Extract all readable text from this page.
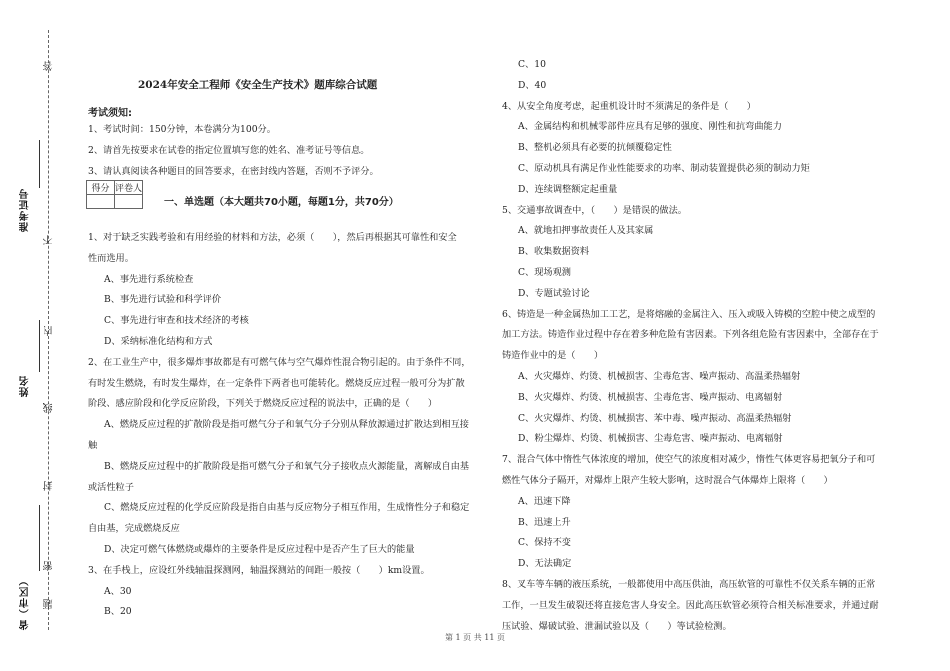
答
准考证号
不
内
姓名
线
封
省（市区）
密
题
2024年安全工程师《安全生产技术》题库综合试题
考试须知:

1、考试时间：150分钟，本卷满分为100分。

2、请首先按要求在试卷的指定位置填写您的姓名、准考证号等信息。

3、请认真阅读各种题目的回答要求，在密封线内答题，否则不予评分。

得分	评卷人

一、单选题（本大题共70小题，每题1分，共70分）

1、对于缺乏实践考验和有用经验的材料和方法，必须（　　），然后再根据其可靠性和安全

性而选用。

A、事先进行系统检查

B、事先进行试验和科学评价

C、事先进行审查和技术经济的考核

D、采纳标准化结构和方式

2、在工业生产中，很多爆炸事故都是有可燃气体与空气爆炸性混合物引起的。由于条件不同，

有时发生燃烧，有时发生爆炸，在一定条件下两者也可能转化。燃烧反应过程一般可分为扩散

阶段、感应阶段和化学反应阶段，下列关于燃烧反应过程的说法中，正确的是（　　）

A、燃烧反应过程的扩散阶段是指可燃气分子和氧气分子分别从释放源通过扩散达到相互接

触

B、燃烧反应过程中的扩散阶段是指可燃气分子和氧气分子接收点火源能量，离解成自由基

或活性粒子

C、燃烧反应过程的化学反应阶段是指自由基与反应物分子相互作用，生成惰性分子和稳定

自由基，完成燃烧反应

D、决定可燃气体燃烧或爆炸的主要条件是反应过程中是否产生了巨大的能量

3、在手栈上，应设红外线轴温探测网，轴温探测站的间距一般按（　　）km设置。

A、30

B、20

C、10

D、40

4、从安全角度考虑，起重机设计时不须满足的条件是（　　）

A、金属结构和机械零部件应具有足够的强度、刚性和抗弯曲能力

B、整机必须具有必要的抗倾覆稳定性

C、原动机具有满足作业性能要求的功率、制动装置提供必须的制动力矩

D、连续调整额定起重量

5、交通事故调查中，（　　）是错误的做法。

A、就地扣押事故责任人及其家属

B、收集数据资料

C、现场观测

D、专题试验讨论

6、铸造是一种金属热加工工艺，是将熔融的金属注入、压入或吸入铸模的空腔中使之成型的

加工方法。铸造作业过程中存在着多种危险有害因素。下列各组危险有害因素中，全部存在于

铸造作业中的是（　　）

A、火灾爆炸、灼烫、机械损害、尘毒危害、噪声振动、高温柔热辐射

B、火灾爆炸、灼烫、机械损害、尘毒危害、噪声振动、电离辐射

C、火灾爆炸、灼烫、机械损害、苯中毒、噪声振动、高温柔热辐射

D、粉尘爆炸、灼烫、机械损害、尘毒危害、噪声振动、电离辐射

7、混合气体中惰性气体浓度的增加，使空气的浓度相对减少，惰性气体更容易把氧分子和可

燃性气体分子隔开，对爆炸上限产生较大影响，这时混合气体爆炸上限将（　　）

A、迅速下降

B、迅速上升

C、保持不变

D、无法确定

8、叉车等车辆的液压系统，一般都使用中高压供油，高压软管的可靠性不仅关系车辆的正常

工作，一旦发生破裂还将直接危害人身安全。因此高压软管必须符合相关标准要求，并通过耐

压试验、爆破试验、泄漏试验以及（　　）等试验检测。

第 1 页 共 11 页
